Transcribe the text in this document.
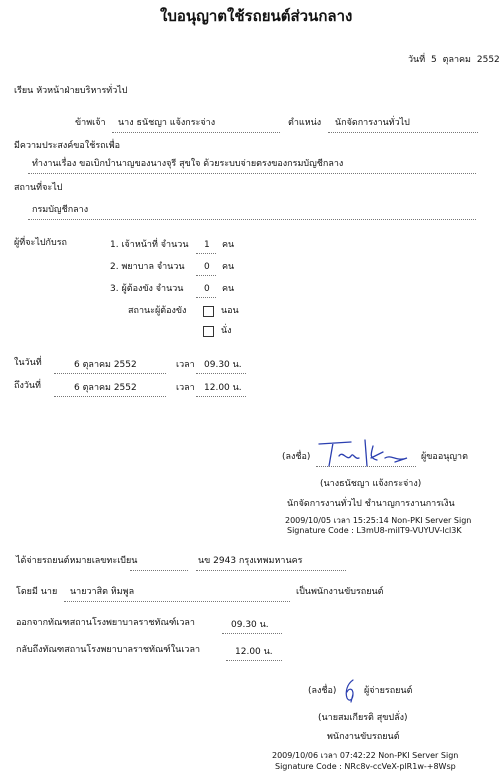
ใบอนุญาตใช้รถยนต์ส่วนกลาง
วันที่ 5 ตุลาคม 2552
เรียน หัวหน้าฝ่ายบริหารทั่วไป
ข้าพเจ้า นาง ธนัชญา แจ้งกระจ่าง	ตำแหน่ง นักจัดการงานทั่วไป
มีความประสงค์ขอใช้รถเพื่อ
ทำงานเรื่อง ขอเบิกบำนาญของนางจุรี สุขใจ ด้วยระบบจ่ายตรงของกรมบัญชีกลาง
สถานที่จะไป
กรมบัญชีกลาง
ผู้ที่จะไปกับรถ	1. เจ้าหน้าที่ จำนวน 1 คน
2. พยาบาล จำนวน 0 คน
3. ผู้ต้องขัง จำนวน 0 คน
สถานะผู้ต้องขัง	นอน
นั่ง
ในวันที่	6 ตุลาคม 2552	เวลา 09.30 น.
ถึงวันที่	6 ตุลาคม 2552	เวลา 12.00 น.
(ลงชื่อ)	ผู้ขออนุญาต
(นางธนัชญา แจ้งกระจ่าง)
นักจัดการงานทั่วไป ชำนาญการงานการเงิน
2009/10/05 เวลา 15:25:14 Non-PKI Server Sign
Signature Code : L3mU8-miIT9-VUYUV-Icl3K
ได้จ่ายรถยนต์หมายเลขทะเบียน	นข 2943 กรุงเทพมหานคร
โดยมี นาย นายวาสิต หิมพูล	เป็นพนักงานขับรถยนต์
ออกจากทัณฑสถานโรงพยาบาลราชทัณฑ์เวลา	09.30 น.
กลับถึงทัณฑสถานโรงพยาบาลราชทัณฑ์ในเวลา	12.00 น.
(ลงชื่อ)	ผู้จ่ายรถยนต์
(นายสมเกียรติ สุขปลั่ง)
พนักงานขับรถยนต์
2009/10/06 เวลา 07:42:22 Non-PKI Server Sign
Signature Code : NRc8v-ccVeX-plR1w-+8Wsp
